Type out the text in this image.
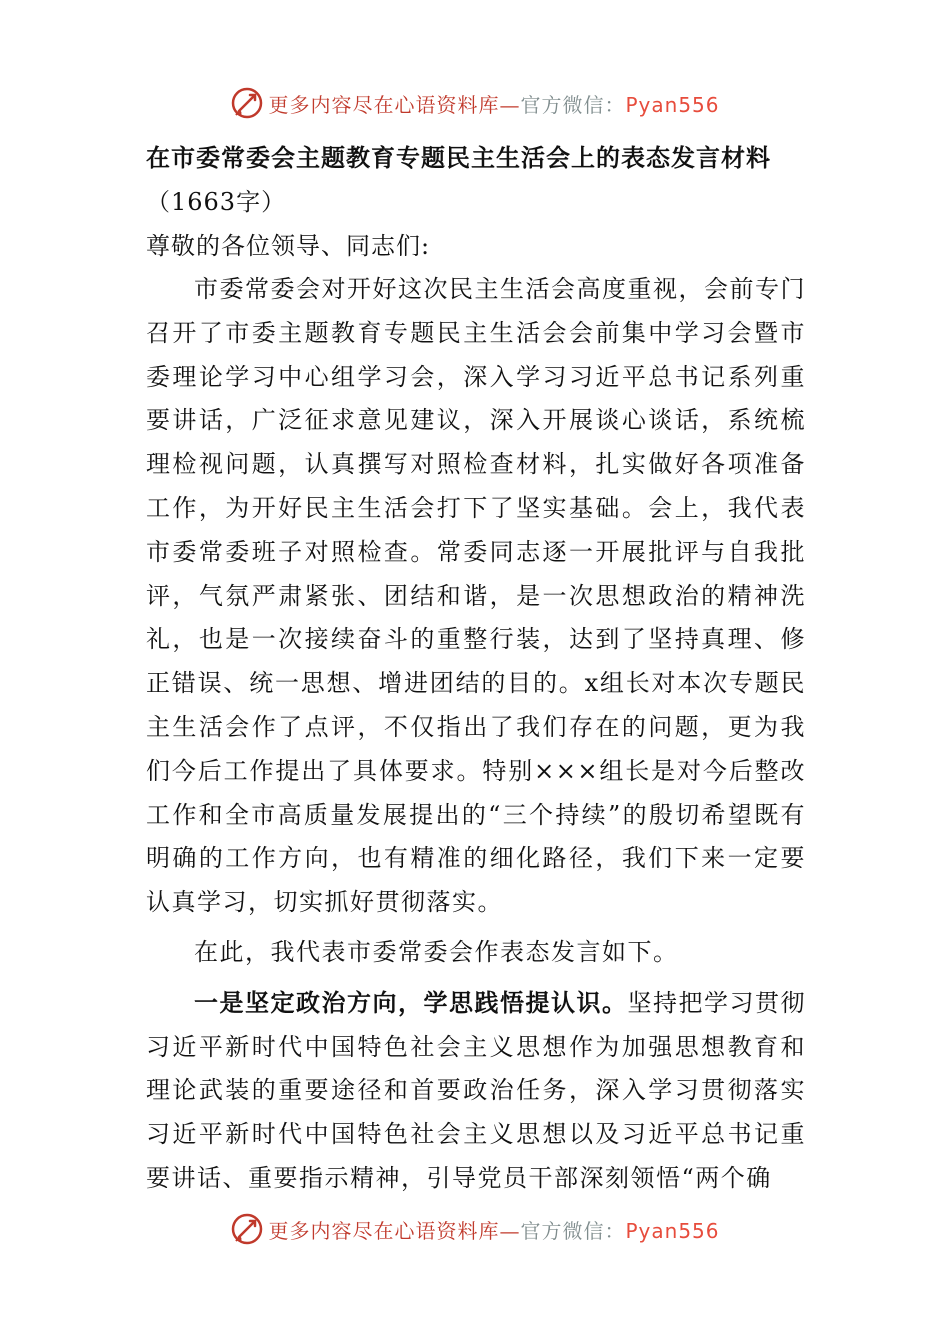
更多内容尽在心语资料库—官方微信：Pyan556

在市委常委会主题教育专题民主生活会上的表态发言材料

（1663字）

尊敬的各位领导、同志们:

市委常委会对开好这次民主生活会高度重视，会前专门召开了市委主题教育专题民主生活会会前集中学习会暨市委理论学习中心组学习会，深入学习习近平总书记系列重要讲话，广泛征求意见建议，深入开展谈心谈话，系统梳理检视问题，认真撰写对照检查材料，扎实做好各项准备工作，为开好民主生活会打下了坚实基础。会上，我代表市委常委班子对照检查。常委同志逐一开展批评与自我批评，气氛严肃紧张、团结和谐，是一次思想政治的精神洗礼，也是一次接续奋斗的重整行装，达到了坚持真理、修正错误、统一思想、增进团结的目的。x组长对本次专题民主生活会作了点评，不仅指出了我们存在的问题，更为我们今后工作提出了具体要求。特别×××组长是对今后整改工作和全市高质量发展提出的“三个持续”的殷切希望既有明确的工作方向，也有精准的细化路径，我们下来一定要认真学习，切实抓好贯彻落实。

在此，我代表市委常委会作表态发言如下。

一是坚定政治方向，学思践悟提认识。坚持把学习贯彻习近平新时代中国特色社会主义思想作为加强思想教育和理论武装的重要途径和首要政治任务，深入学习贯彻落实习近平新时代中国特色社会主义思想以及习近平总书记重要讲话、重要指示精神，引导党员干部深刻领悟“两个确

更多内容尽在心语资料库—官方微信：Pyan556
